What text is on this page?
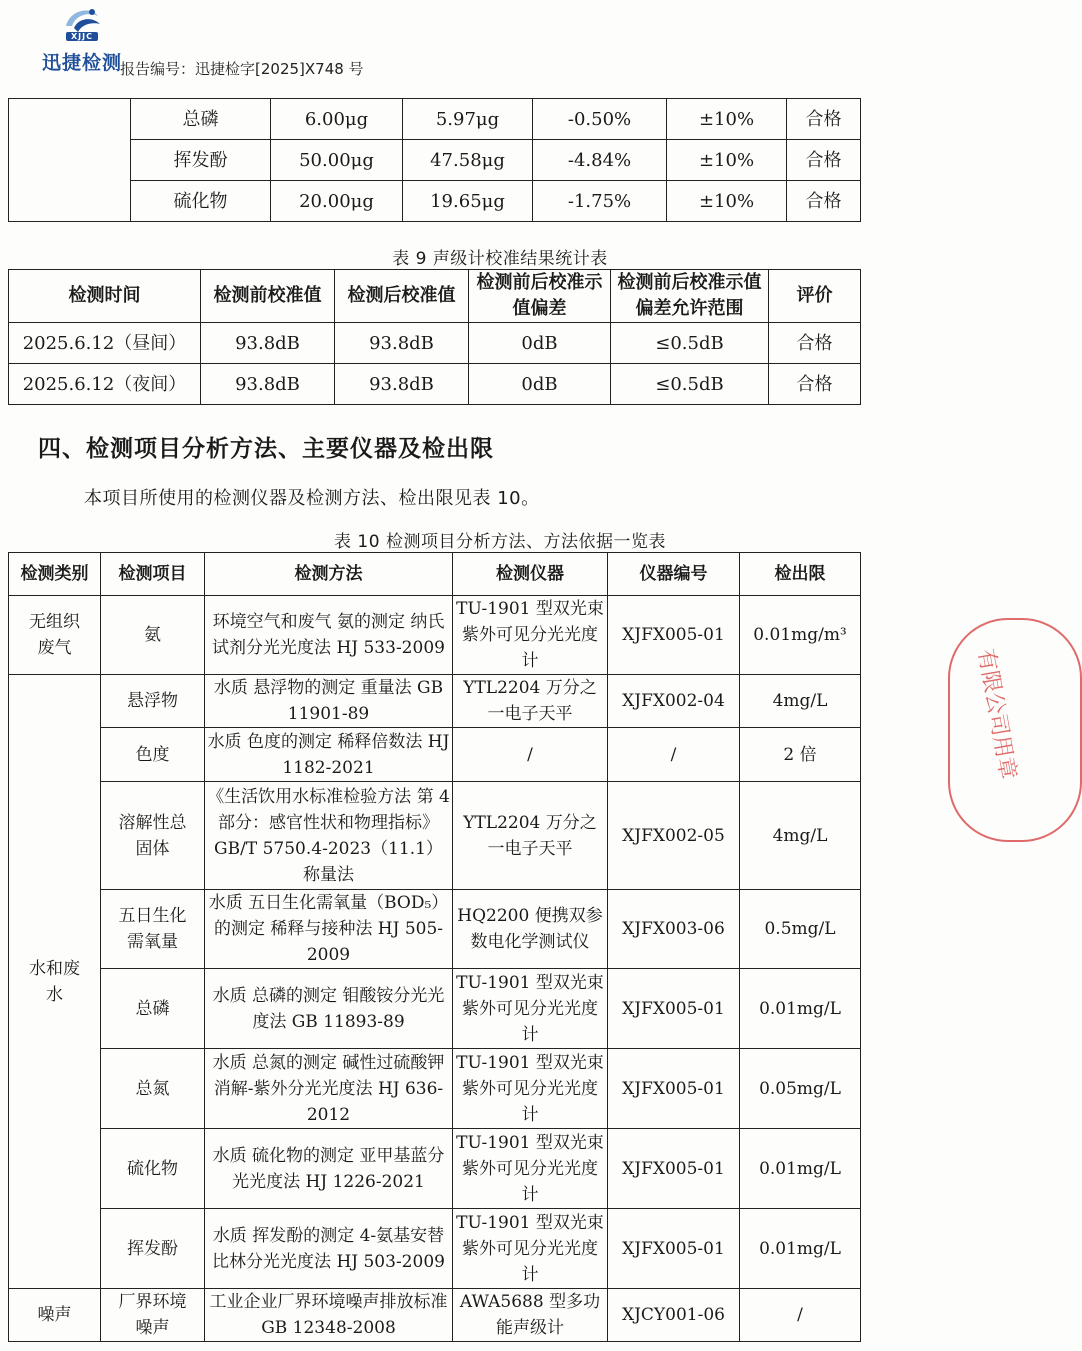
XJJC
迅捷检测
报告编号：迅捷检字[2025]X748 号
	总磷	6.00μg	5.97μg	-0.50%	±10%	合格
	挥发酚	50.00μg	47.58μg	-4.84%	±10%	合格
	硫化物	20.00μg	19.65μg	-1.75%	±10%	合格
表 9 声级计校准结果统计表
检测时间	检测前校准值	检测后校准值	检测前后校准示值偏差	检测前后校准示值偏差允许范围	评价
2025.6.12（昼间）	93.8dB	93.8dB	0dB	≤0.5dB	合格
2025.6.12（夜间）	93.8dB	93.8dB	0dB	≤0.5dB	合格
四、检测项目分析方法、主要仪器及检出限
本项目所使用的检测仪器及检测方法、检出限见表 10。
表 10 检测项目分析方法、方法依据一览表
检测类别	检测项目	检测方法	检测仪器	仪器编号	检出限
无组织废气	氨	环境空气和废气 氨的测定 纳氏试剂分光光度法 HJ 533-2009	TU-1901 型双光束紫外可见分光光度计	XJFX005-01	0.01mg/m³
水和废水	悬浮物	水质 悬浮物的测定 重量法 GB 11901-89	YTL2204 万分之一电子天平	XJFX002-04	4mg/L
	色度	水质 色度的测定 稀释倍数法 HJ 1182-2021	/	/	2 倍
	溶解性总固体	《生活饮用水标准检验方法 第 4 部分：感官性状和物理指标》GB/T 5750.4-2023（11.1）称量法	YTL2204 万分之一电子天平	XJFX002-05	4mg/L
	五日生化需氧量	水质 五日生化需氧量（BOD₅）的测定 稀释与接种法 HJ 505-2009	HQ2200 便携双参数电化学测试仪	XJFX003-06	0.5mg/L
	总磷	水质 总磷的测定 钼酸铵分光光度法 GB 11893-89	TU-1901 型双光束紫外可见分光光度计	XJFX005-01	0.01mg/L
	总氮	水质 总氮的测定 碱性过硫酸钾消解-紫外分光光度法 HJ 636-2012	TU-1901 型双光束紫外可见分光光度计	XJFX005-01	0.05mg/L
	硫化物	水质 硫化物的测定 亚甲基蓝分光光度法 HJ 1226-2021	TU-1901 型双光束紫外可见分光光度计	XJFX005-01	0.01mg/L
	挥发酚	水质 挥发酚的测定 4-氨基安替比林分光光度法 HJ 503-2009	TU-1901 型双光束紫外可见分光光度计	XJFX005-01	0.01mg/L
噪声	厂界环境噪声	工业企业厂界环境噪声排放标准 GB 12348-2008	AWA5688 型多功能声级计	XJCY001-06	/
有限公司用章
